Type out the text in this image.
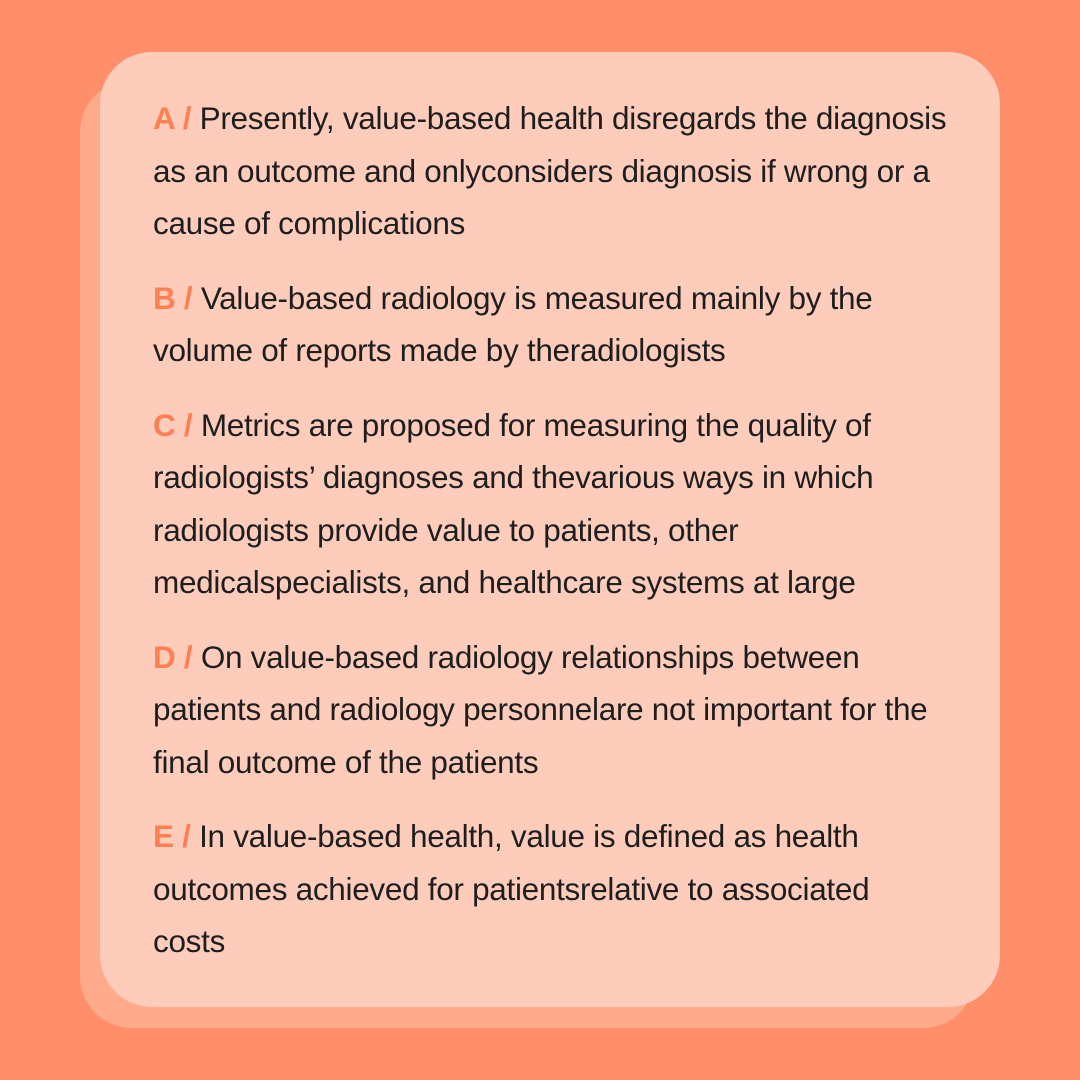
A / Presently, value-based health disregards the diagnosis as an outcome and onlyconsiders diagnosis if wrong or a cause of complications

B / Value-based radiology is measured mainly by the volume of reports made by theradiologists

C / Metrics are proposed for measuring the quality of radiologists’ diagnoses and thevarious ways in which radiologists provide value to patients, other medicalspecialists, and healthcare systems at large

D / On value-based radiology relationships between patients and radiology personnelare not important for the final outcome of the patients

E / In value-based health, value is defined as health outcomes achieved for patientsrelative to associated costs
